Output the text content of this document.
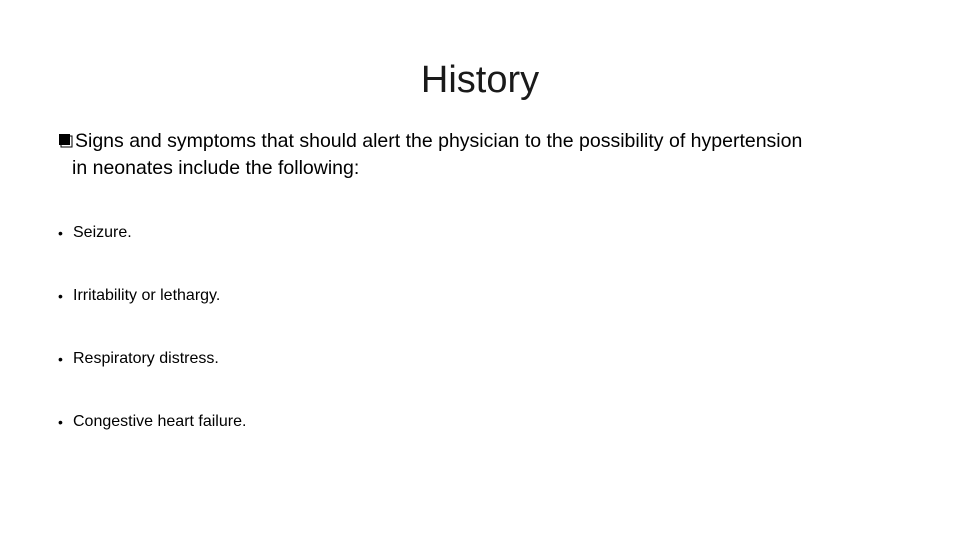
History
Signs and symptoms that should alert the physician to the possibility of hypertension
in neonates include the following:
• Seizure.
• Irritability or lethargy.
• Respiratory distress.
• Congestive heart failure.
